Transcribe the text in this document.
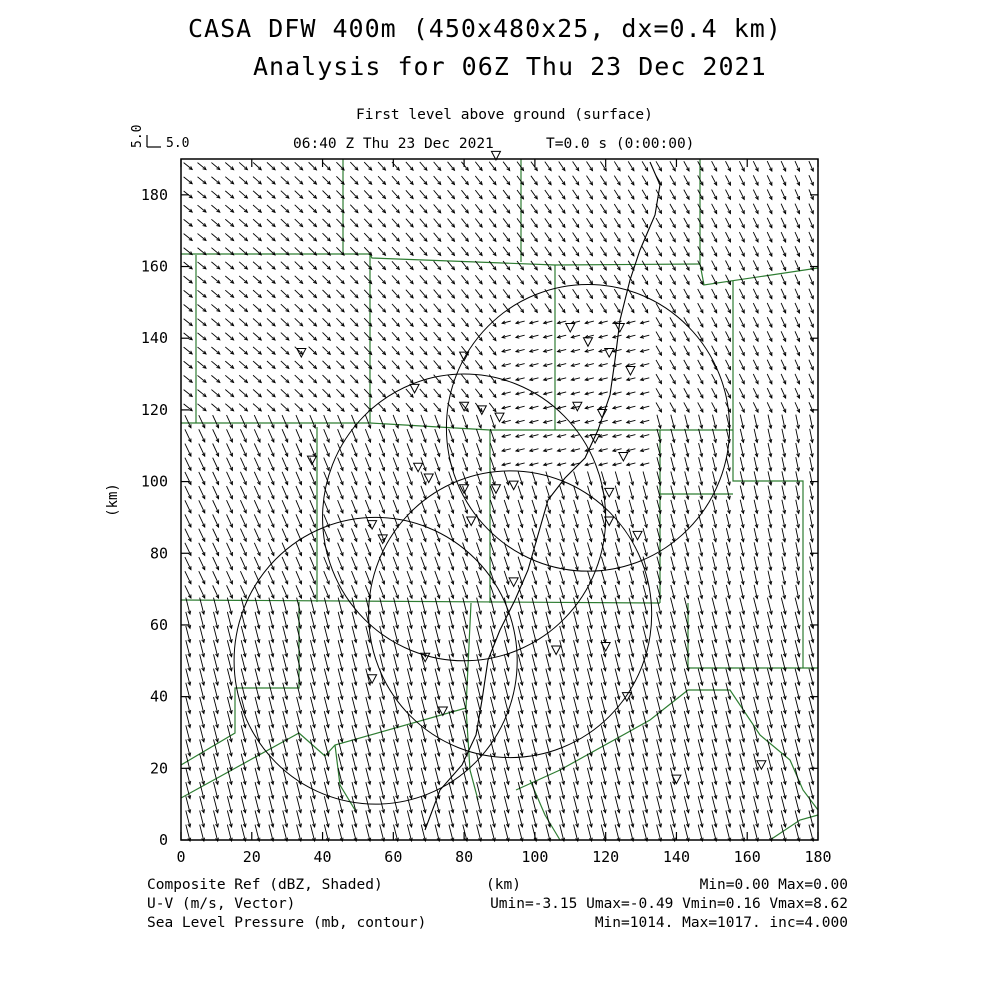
0	20	40	60	80	100	120	140	160	180
0
20
40
60
80
100
120
140
160
180
(km)
5.0
5.0
CASA DFW 400m (450x480x25, dx=0.4 km)
Analysis for 06Z Thu 23 Dec 2021
First level above ground (surface)
06:40 Z Thu 23 Dec 2021	T=0.0 s (0:00:00)
(km)
Composite Ref (dBZ, Shaded)	Min=0.00 Max=0.00
U-V (m/s, Vector)	Umin=-3.15 Umax=-0.49 Vmin=0.16 Vmax=8.62
Sea Level Pressure (mb, contour)	Min=1014. Max=1017. inc=4.000
